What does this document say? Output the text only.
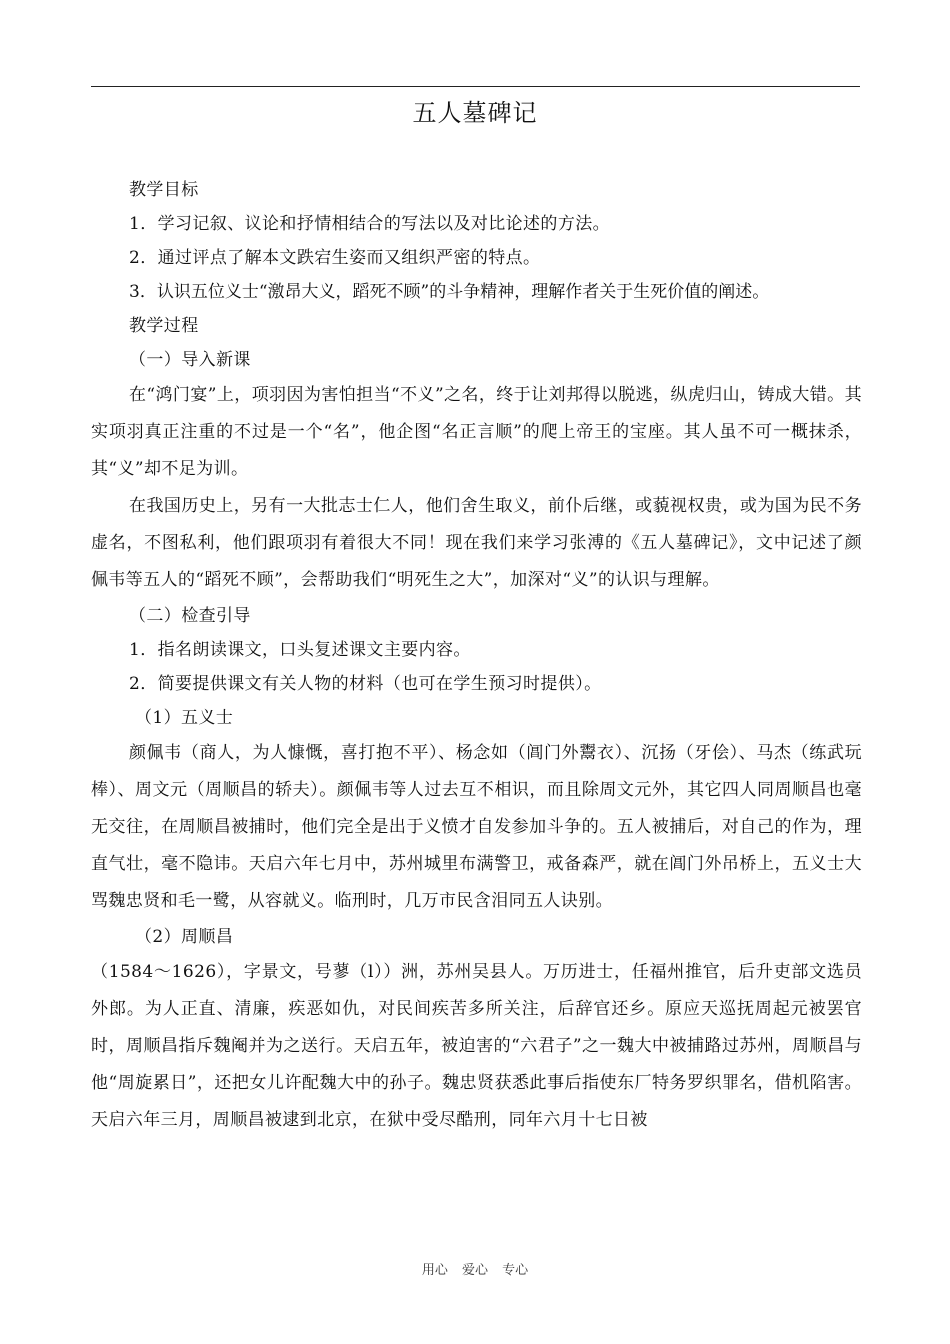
五人墓碑记

教学目标

1．学习记叙、议论和抒情相结合的写法以及对比论述的方法。

2．通过评点了解本文跌宕生姿而又组织严密的特点。

3．认识五位义士“激昂大义，蹈死不顾”的斗争精神，理解作者关于生死价值的阐述。

教学过程

（一）导入新课

在“鸿门宴”上，项羽因为害怕担当“不义”之名，终于让刘邦得以脱逃，纵虎归山，铸成大错。其实项羽真正注重的不过是一个“名”，他企图“名正言顺”的爬上帝王的宝座。其人虽不可一概抹杀，其“义”却不足为训。

在我国历史上，另有一大批志士仁人，他们舍生取义，前仆后继，或藐视权贵，或为国为民不务虚名，不图私利，他们跟项羽有着很大不同！现在我们来学习张溥的《五人墓碑记》，文中记述了颜佩韦等五人的“蹈死不顾”，会帮助我们“明死生之大”，加深对“义”的认识与理解。

（二）检查引导

1．指名朗读课文，口头复述课文主要内容。

2．简要提供课文有关人物的材料（也可在学生预习时提供）。

（1）五义士

颜佩韦（商人，为人慷慨，喜打抱不平）、杨念如（阊门外鬻衣）、沉扬（牙侩）、马杰（练武玩棒）、周文元（周顺昌的轿夫）。颜佩韦等人过去互不相识，而且除周文元外，其它四人同周顺昌也毫无交往，在周顺昌被捕时，他们完全是出于义愤才自发参加斗争的。五人被捕后，对自己的作为，理直气壮，毫不隐讳。天启六年七月中，苏州城里布满警卫，戒备森严，就在阊门外吊桥上，五义士大骂魏忠贤和毛一鹭，从容就义。临刑时，几万市民含泪同五人诀别。

（2）周顺昌

（1584～1626），字景文，号蓼（l））洲，苏州吴县人。万历进士，任福州推官，后升吏部文选员外郎。为人正直、清廉，疾恶如仇，对民间疾苦多所关注，后辞官还乡。原应天巡抚周起元被罢官时，周顺昌指斥魏阉并为之送行。天启五年，被迫害的“六君子”之一魏大中被捕路过苏州，周顺昌与他“周旋累日”，还把女儿许配魏大中的孙子。魏忠贤获悉此事后指使东厂特务罗织罪名，借机陷害。天启六年三月，周顺昌被逮到北京，在狱中受尽酷刑，同年六月十七日被

用心 爱心 专心
